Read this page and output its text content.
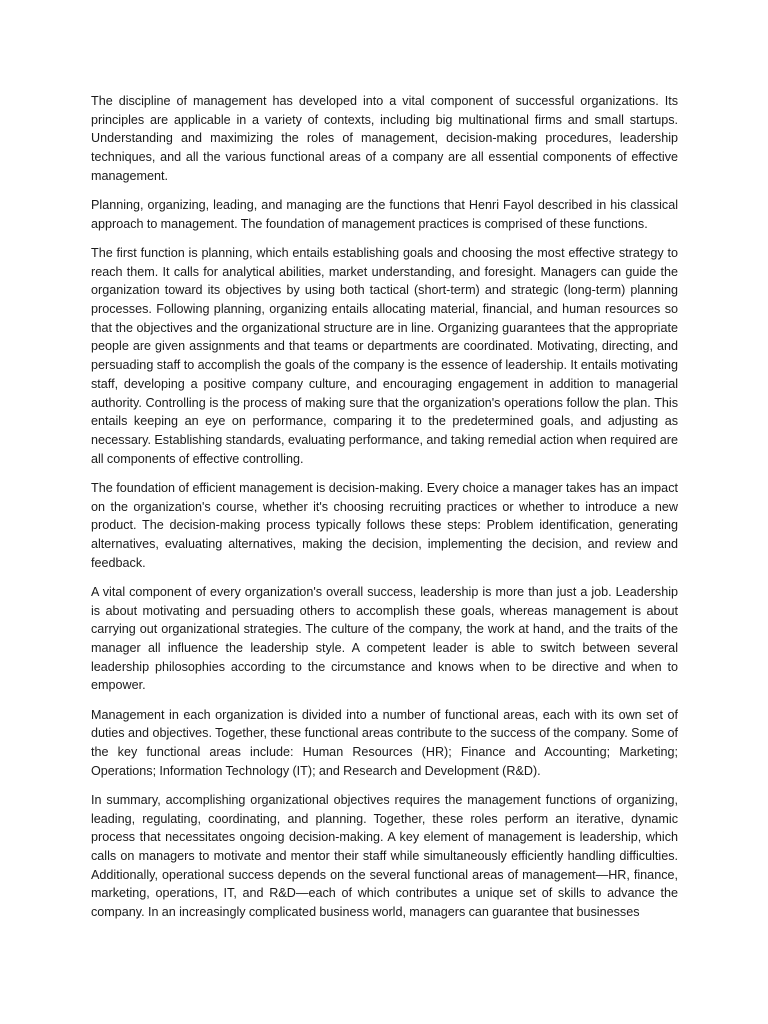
The discipline of management has developed into a vital component of successful organizations. Its principles are applicable in a variety of contexts, including big multinational firms and small startups. Understanding and maximizing the roles of management, decision-making procedures, leadership techniques, and all the various functional areas of a company are all essential components of effective management.

Planning, organizing, leading, and managing are the functions that Henri Fayol described in his classical approach to management. The foundation of management practices is comprised of these functions.

The first function is planning, which entails establishing goals and choosing the most effective strategy to reach them. It calls for analytical abilities, market understanding, and foresight. Managers can guide the organization toward its objectives by using both tactical (short-term) and strategic (long-term) planning processes. Following planning, organizing entails allocating material, financial, and human resources so that the objectives and the organizational structure are in line. Organizing guarantees that the appropriate people are given assignments and that teams or departments are coordinated. Motivating, directing, and persuading staff to accomplish the goals of the company is the essence of leadership. It entails motivating staff, developing a positive company culture, and encouraging engagement in addition to managerial authority. Controlling is the process of making sure that the organization's operations follow the plan. This entails keeping an eye on performance, comparing it to the predetermined goals, and adjusting as necessary. Establishing standards, evaluating performance, and taking remedial action when required are all components of effective controlling.

The foundation of efficient management is decision-making. Every choice a manager takes has an impact on the organization's course, whether it's choosing recruiting practices or whether to introduce a new product. The decision-making process typically follows these steps: Problem identification, generating alternatives, evaluating alternatives, making the decision, implementing the decision, and review and feedback.

A vital component of every organization's overall success, leadership is more than just a job. Leadership is about motivating and persuading others to accomplish these goals, whereas management is about carrying out organizational strategies. The culture of the company, the work at hand, and the traits of the manager all influence the leadership style. A competent leader is able to switch between several leadership philosophies according to the circumstance and knows when to be directive and when to empower.

Management in each organization is divided into a number of functional areas, each with its own set of duties and objectives. Together, these functional areas contribute to the success of the company. Some of the key functional areas include: Human Resources (HR); Finance and Accounting; Marketing; Operations; Information Technology (IT); and Research and Development (R&D).

In summary, accomplishing organizational objectives requires the management functions of organizing, leading, regulating, coordinating, and planning. Together, these roles perform an iterative, dynamic process that necessitates ongoing decision-making. A key element of management is leadership, which calls on managers to motivate and mentor their staff while simultaneously efficiently handling difficulties. Additionally, operational success depends on the several functional areas of management—HR, finance, marketing, operations, IT, and R&D—each of which contributes a unique set of skills to advance the company. In an increasingly complicated business world, managers can guarantee that businesses
